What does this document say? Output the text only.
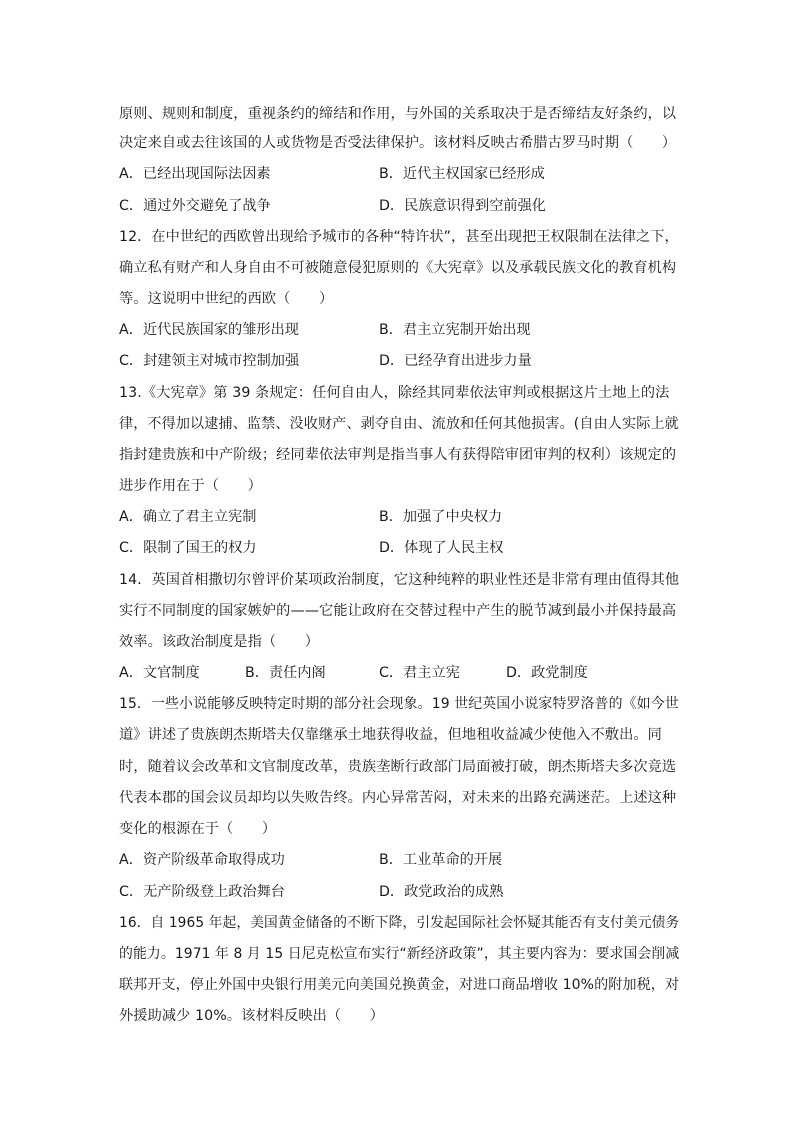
原则、规则和制度，重视条约的缔结和作用，与外国的关系取决于是否缔结友好条约，以
决定来自或去往该国的人或货物是否受法律保护。该材料反映古希腊古罗马时期（　　）
A．已经出现国际法因素	B．近代主权国家已经形成
C．通过外交避免了战争	D．民族意识得到空前强化
12．在中世纪的西欧曾出现给予城市的各种“特许状”，甚至出现把王权限制在法律之下，
确立私有财产和人身自由不可被随意侵犯原则的《大宪章》以及承载民族文化的教育机构
等。这说明中世纪的西欧（　　）
A．近代民族国家的雏形出现	B．君主立宪制开始出现
C．封建领主对城市控制加强	D．已经孕育出进步力量
13.《大宪章》第 39 条规定：任何自由人，除经其同辈依法审判或根据这片土地上的法
律，不得加以逮捕、监禁、没收财产、剥夺自由、流放和任何其他损害。(自由人实际上就
指封建贵族和中产阶级；经同辈依法审判是指当事人有获得陪审团审判的权利）该规定的
进步作用在于（　　）
A．确立了君主立宪制	B．加强了中央权力
C．限制了国王的权力	D．体现了人民主权
14．英国首相撒切尔曾评价某项政治制度，它这种纯粹的职业性还是非常有理由值得其他
实行不同制度的国家嫉妒的——它能让政府在交替过程中产生的脱节减到最小并保持最高
效率。该政治制度是指（　　）
A．文官制度	B．责任内阁	C．君主立宪	D．政党制度
15．一些小说能够反映特定时期的部分社会现象。19 世纪英国小说家特罗洛普的《如今世
道》讲述了贵族朗杰斯塔夫仅靠继承土地获得收益，但地租收益减少使他入不敷出。同
时，随着议会改革和文官制度改革，贵族垄断行政部门局面被打破，朗杰斯塔夫多次竞选
代表本郡的国会议员却均以失败告终。内心异常苦闷，对未来的出路充满迷茫。上述这种
变化的根源在于（　　）
A．资产阶级革命取得成功	B．工业革命的开展
C．无产阶级登上政治舞台	D．政党政治的成熟
16．自 1965 年起，美国黄金储备的不断下降，引发起国际社会怀疑其能否有支付美元债务
的能力。1971 年 8 月 15 日尼克松宣布实行“新经济政策”，其主要内容为：要求国会削减
联邦开支，停止外国中央银行用美元向美国兑换黄金，对进口商品增收 10%的附加税，对
外援助减少 10%。该材料反映出（　　）
